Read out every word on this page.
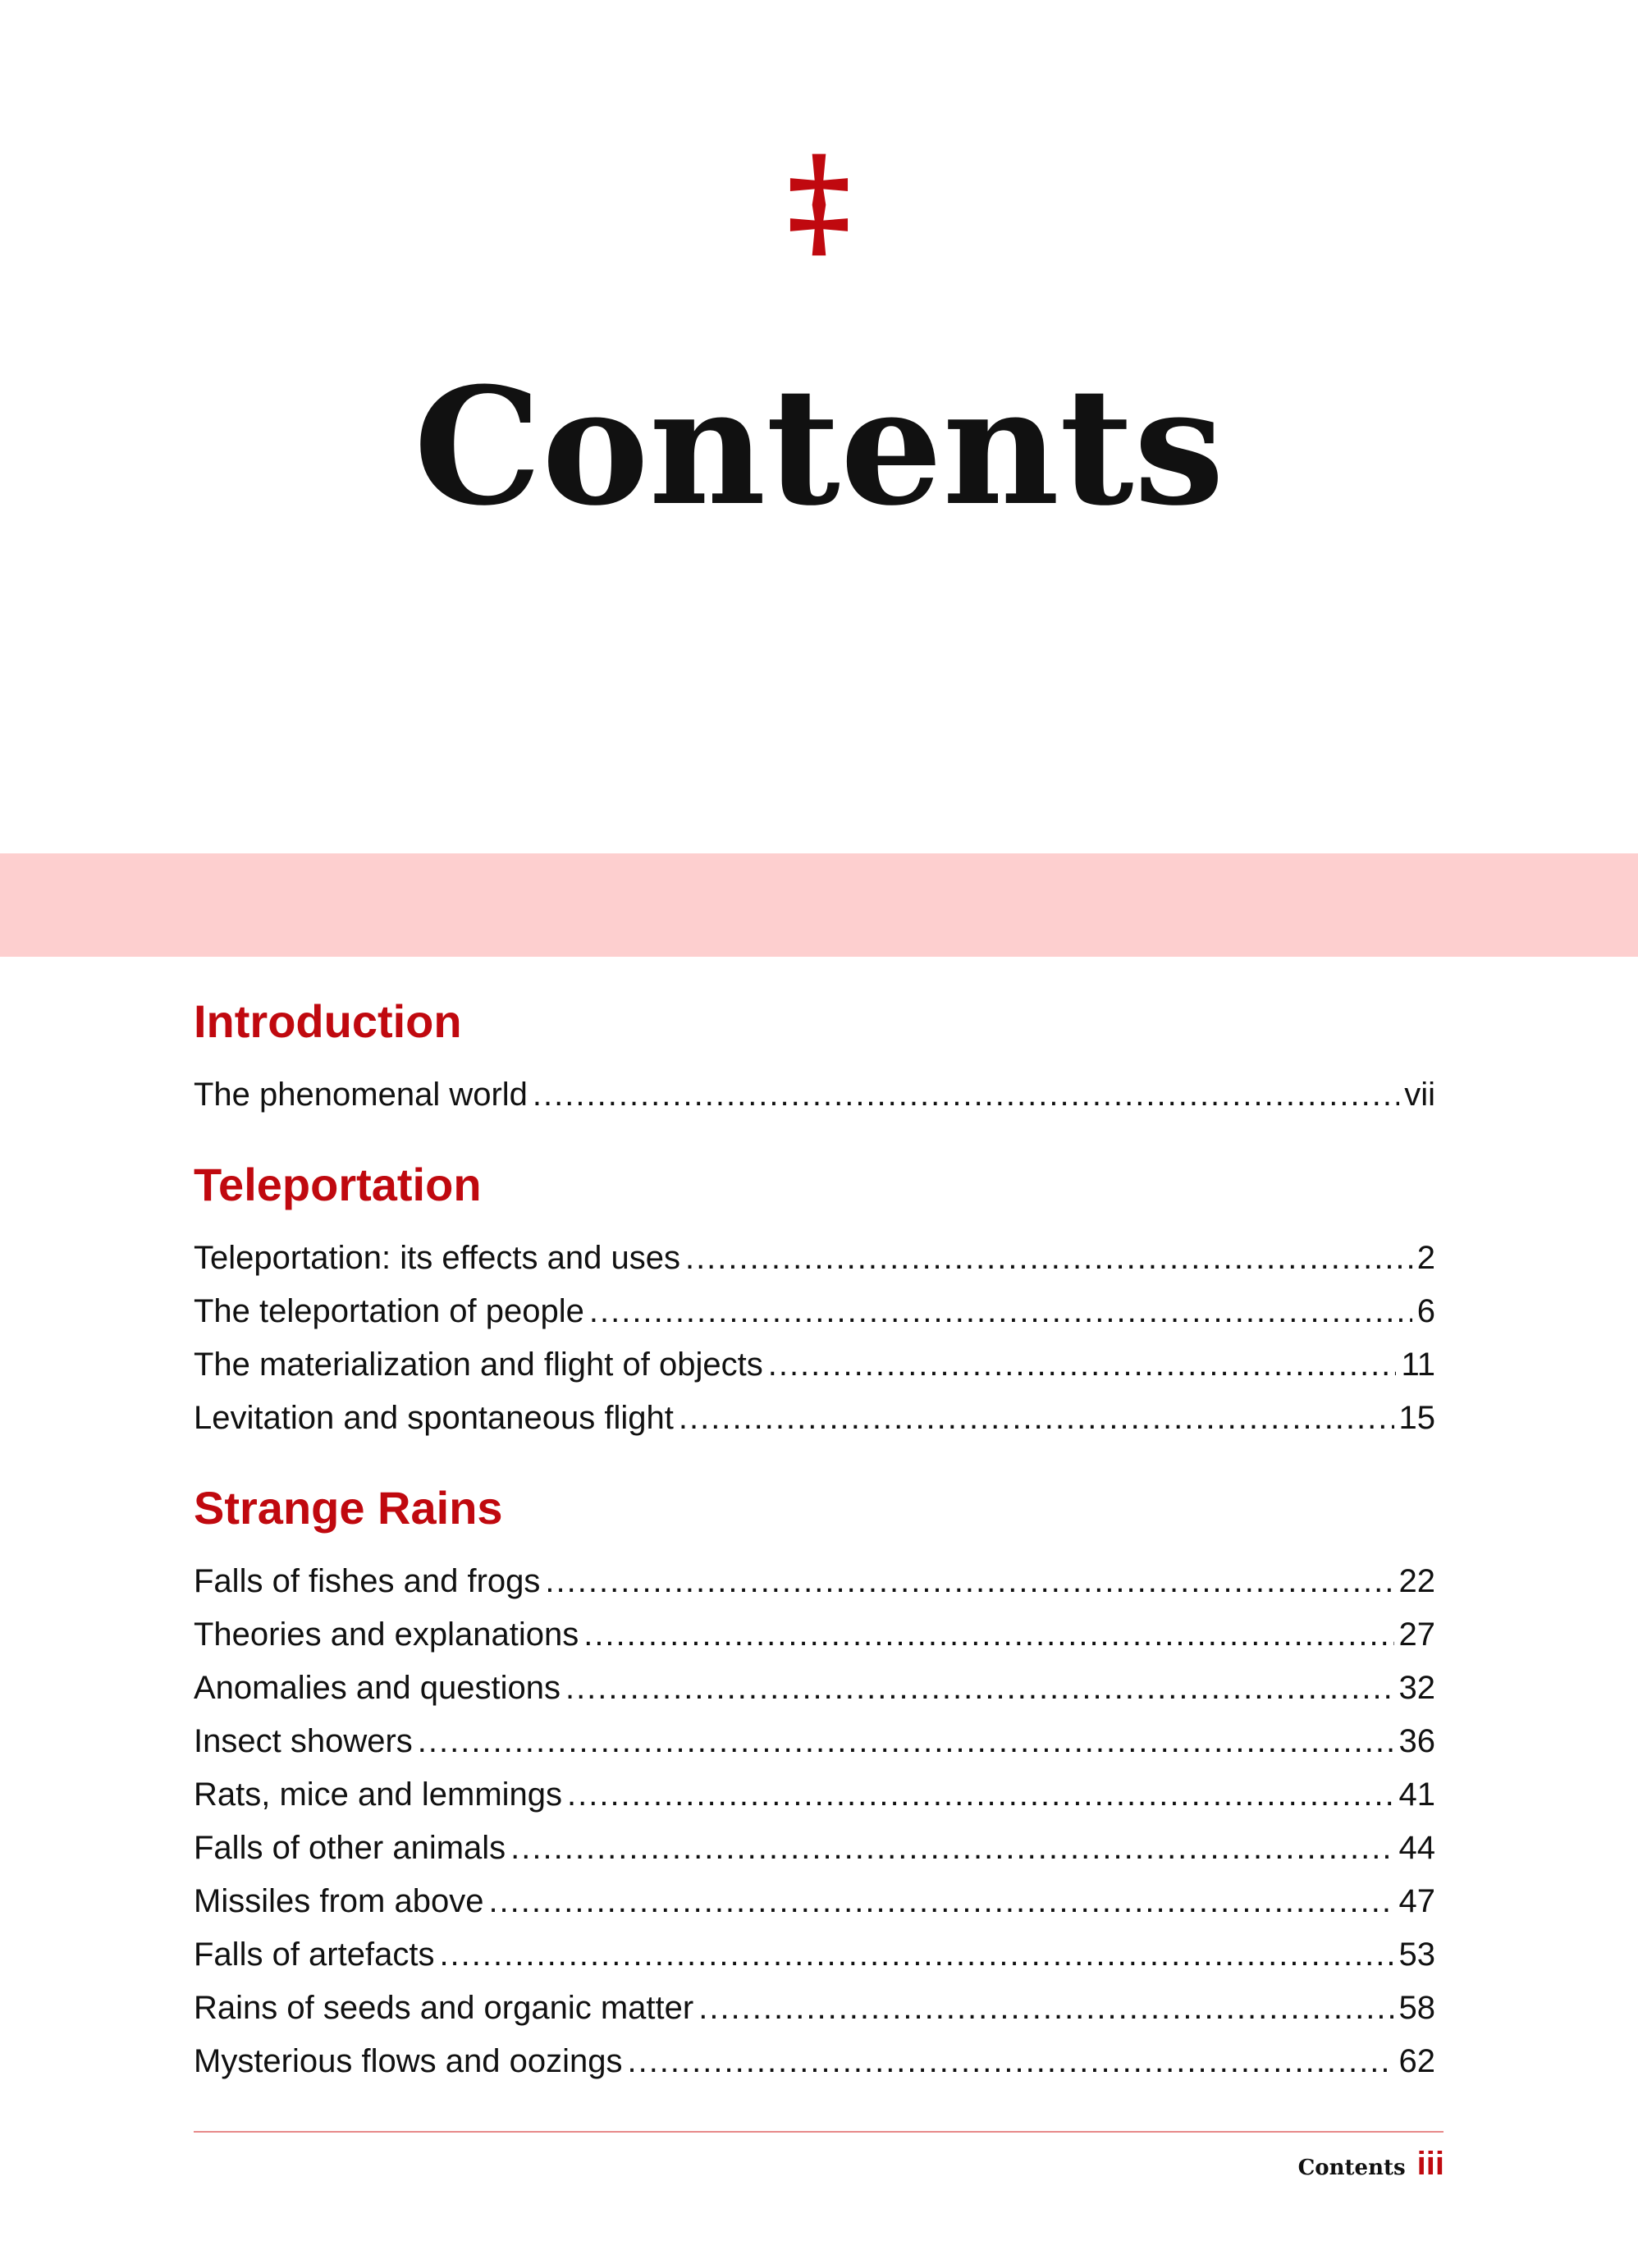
‡
Contents
Introduction
The phenomenal world .....	vii
Teleportation
Teleportation: its effects and uses .....	2
The teleportation of people .....	6
The materialization and flight of objects .....	11
Levitation and spontaneous flight .....	15
Strange Rains
Falls of fishes and frogs .....	22
Theories and explanations .....	27
Anomalies and questions .....	32
Insect showers .....	36
Rats, mice and lemmings .....	41
Falls of other animals .....	44
Missiles from above .....	47
Falls of artefacts .....	53
Rains of seeds and organic matter .....	58
Mysterious flows and oozings .....	62
Contents iii
